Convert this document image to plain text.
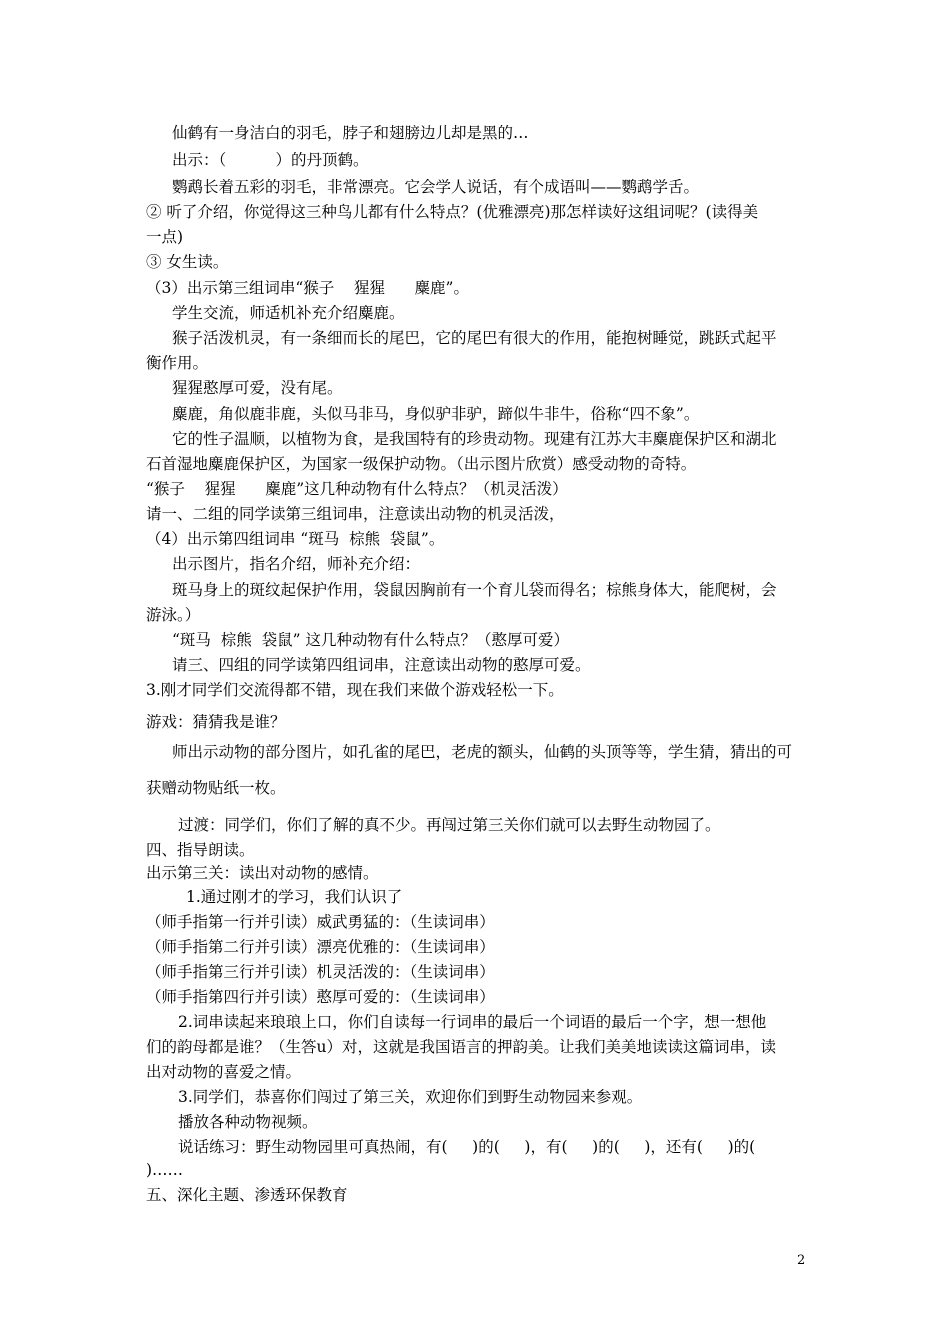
仙鹤有一身洁白的羽毛，脖子和翅膀边儿却是黑的…
出示：（          ）的丹顶鹤。
鹦鹉长着五彩的羽毛，非常漂亮。它会学人说话，有个成语叫——鹦鹉学舌。
② 听了介绍，你觉得这三种鸟儿都有什么特点？(优雅漂亮)那怎样读好这组词呢？(读得美
一点)
③ 女生读。
（3）出示第三组词串“猴子    猩猩      麋鹿”。
学生交流，师适机补充介绍麋鹿。
猴子活泼机灵，有一条细而长的尾巴，它的尾巴有很大的作用，能抱树睡觉，跳跃式起平
衡作用。
猩猩憨厚可爱，没有尾。
麋鹿，角似鹿非鹿，头似马非马，身似驴非驴，蹄似牛非牛，俗称“四不象”。
它的性子温顺，以植物为食，是我国特有的珍贵动物。现建有江苏大丰麋鹿保护区和湖北
石首湿地麋鹿保护区，为国家一级保护动物。（出示图片欣赏）感受动物的奇特。
“猴子    猩猩      麋鹿”这几种动物有什么特点？（机灵活泼）
请一、二组的同学读第三组词串，注意读出动物的机灵活泼，
（4）出示第四组词串 “斑马  棕熊  袋鼠”。
出示图片，指名介绍，师补充介绍：
斑马身上的斑纹起保护作用，袋鼠因胸前有一个育儿袋而得名；棕熊身体大，能爬树，会
游泳。）
“斑马  棕熊  袋鼠” 这几种动物有什么特点？（憨厚可爱）
请三、四组的同学读第四组词串，注意读出动物的憨厚可爱。
3.刚才同学们交流得都不错，现在我们来做个游戏轻松一下。
游戏：猜猜我是谁？
师出示动物的部分图片，如孔雀的尾巴，老虎的额头，仙鹤的头顶等等，学生猜，猜出的可
获赠动物贴纸一枚。
过渡：同学们，你们了解的真不少。再闯过第三关你们就可以去野生动物园了。
四、指导朗读。
出示第三关：读出对动物的感情。
1.通过刚才的学习，我们认识了
（师手指第一行并引读）威武勇猛的：（生读词串）
（师手指第二行并引读）漂亮优雅的：（生读词串）
（师手指第三行并引读）机灵活泼的：（生读词串）
（师手指第四行并引读）憨厚可爱的：（生读词串）
2.词串读起来琅琅上口，你们自读每一行词串的最后一个词语的最后一个字，想一想他
们的韵母都是谁？（生答u）对，这就是我国语言的押韵美。让我们美美地读读这篇词串，读
出对动物的喜爱之情。
3.同学们，恭喜你们闯过了第三关，欢迎你们到野生动物园来参观。
播放各种动物视频。
说话练习：野生动物园里可真热闹，有(     )的(     )，有(     )的(     )，还有(     )的(
)……
五、深化主题、渗透环保教育
2
